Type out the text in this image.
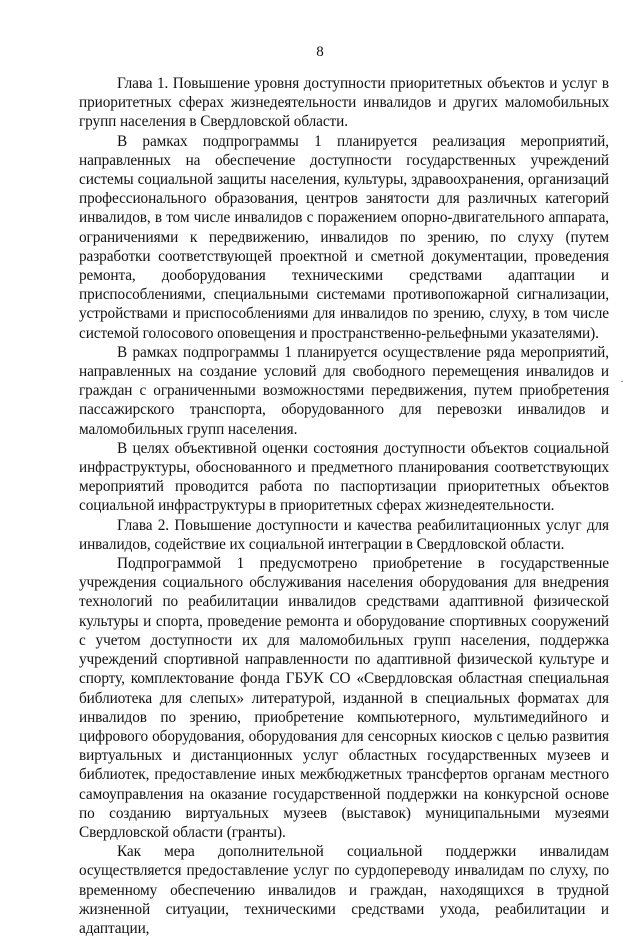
8

Глава 1. Повышение уровня доступности приоритетных объектов и услуг в приоритетных сферах жизнедеятельности инвалидов и других маломобильных групп населения в Свердловской области.

В рамках подпрограммы 1 планируется реализация мероприятий, направленных на обеспечение доступности государственных учреждений системы социальной защиты населения, культуры, здравоохранения, организаций профессионального образования, центров занятости для различных категорий инвалидов, в том числе инвалидов с поражением опорно-двигательного аппарата, ограничениями к передвижению, инвалидов по зрению, по слуху (путем разработки соответствующей проектной и сметной документации, проведения ремонта, дооборудования техническими средствами адаптации и приспособлениями, специальными системами противопожарной сигнализации, устройствами и приспособлениями для инвалидов по зрению, слуху, в том числе системой голосового оповещения и пространственно-рельефными указателями).

В рамках подпрограммы 1 планируется осуществление ряда мероприятий, направленных на создание условий для свободного перемещения инвалидов и граждан с ограниченными возможностями передвижения, путем приобретения пассажирского транспорта, оборудованного для перевозки инвалидов и маломобильных групп населения.

В целях объективной оценки состояния доступности объектов социальной инфраструктуры, обоснованного и предметного планирования соответствующих мероприятий проводится работа по паспортизации приоритетных объектов социальной инфраструктуры в приоритетных сферах жизнедеятельности.

Глава 2. Повышение доступности и качества реабилитационных услуг для инвалидов, содействие их социальной интеграции в Свердловской области.

Подпрограммой 1 предусмотрено приобретение в государственные учреждения социального обслуживания населения оборудования для внедрения технологий по реабилитации инвалидов средствами адаптивной физической культуры и спорта, проведение ремонта и оборудование спортивных сооружений с учетом доступности их для маломобильных групп населения, поддержка учреждений спортивной направленности по адаптивной физической культуре и спорту, комплектование фонда ГБУК СО «Свердловская областная специальная библиотека для слепых» литературой, изданной в специальных форматах для инвалидов по зрению, приобретение компьютерного, мультимедийного и цифрового оборудования, оборудования для сенсорных киосков с целью развития виртуальных и дистанционных услуг областных государственных музеев и библиотек, предоставление иных межбюджетных трансфертов органам местного самоуправления на оказание государственной поддержки на конкурсной основе по созданию виртуальных музеев (выставок) муниципальными музеями Свердловской области (гранты).

Как мера дополнительной социальной поддержки инвалидам осуществляется предоставление услуг по сурдопереводу инвалидам по слуху, по временному обеспечению инвалидов и граждан, находящихся в трудной жизненной ситуации, техническими средствами ухода, реабилитации и адаптации,

·
